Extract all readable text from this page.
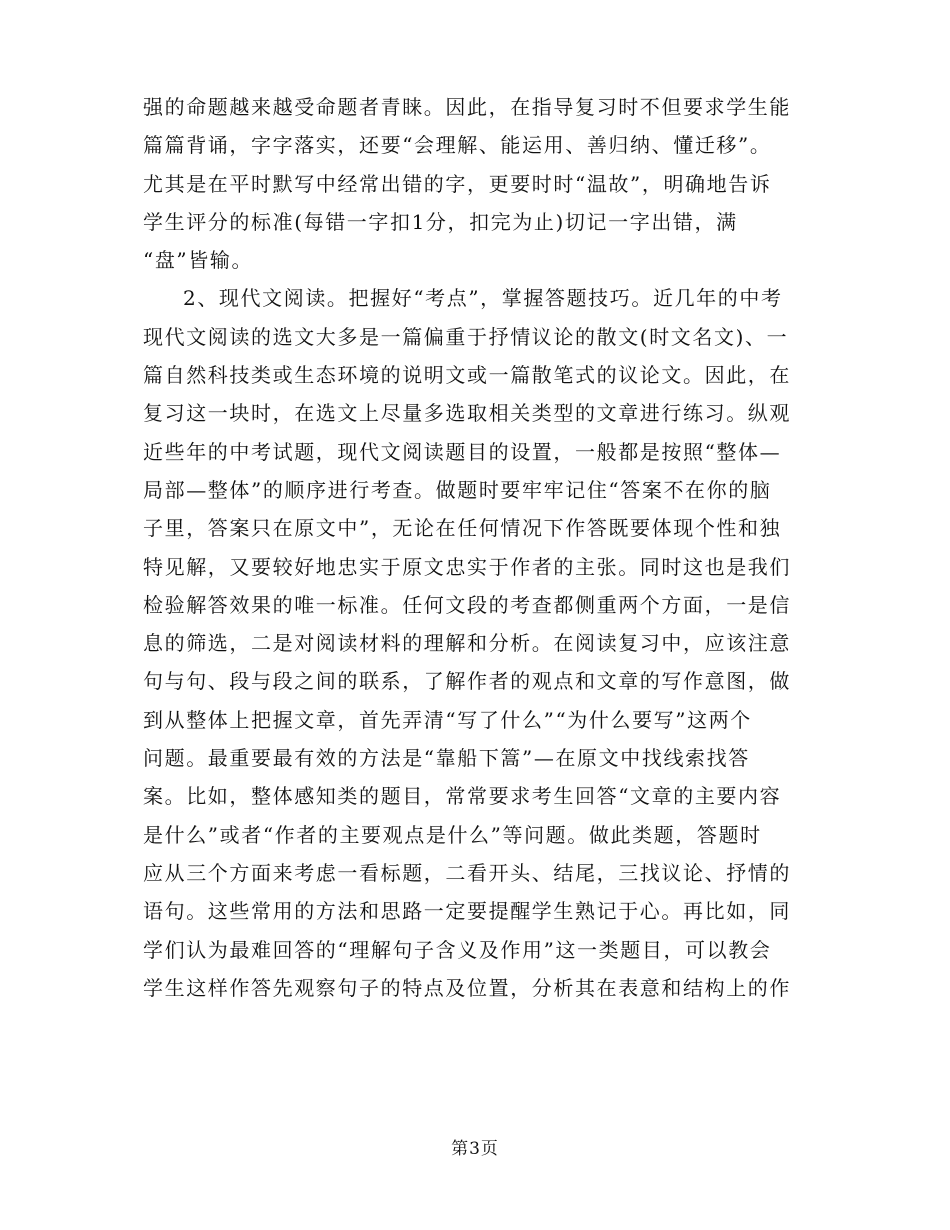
强的命题越来越受命题者青睐。因此，在指导复习时不但要求学生能
篇篇背诵，字字落实，还要“会理解、能运用、善归纳、懂迁移”。
尤其是在平时默写中经常出错的字，更要时时“温故”，明确地告诉
学生评分的标准(每错一字扣1分，扣完为止)切记一字出错，满
“盘”皆输。
2、现代文阅读。把握好“考点”，掌握答题技巧。近几年的中考
现代文阅读的选文大多是一篇偏重于抒情议论的散文(时文名文)、一
篇自然科技类或生态环境的说明文或一篇散笔式的议论文。因此，在
复习这一块时，在选文上尽量多选取相关类型的文章进行练习。纵观
近些年的中考试题，现代文阅读题目的设置，一般都是按照“整体—
局部—整体”的顺序进行考查。做题时要牢牢记住“答案不在你的脑
子里，答案只在原文中”，无论在任何情况下作答既要体现个性和独
特见解，又要较好地忠实于原文忠实于作者的主张。同时这也是我们
检验解答效果的唯一标准。任何文段的考查都侧重两个方面，一是信
息的筛选，二是对阅读材料的理解和分析。在阅读复习中，应该注意
句与句、段与段之间的联系，了解作者的观点和文章的写作意图，做
到从整体上把握文章，首先弄清“写了什么”“为什么要写”这两个
问题。最重要最有效的方法是“靠船下篙”—在原文中找线索找答
案。比如，整体感知类的题目，常常要求考生回答“文章的主要内容
是什么”或者“作者的主要观点是什么”等问题。做此类题，答题时
应从三个方面来考虑一看标题，二看开头、结尾，三找议论、抒情的
语句。这些常用的方法和思路一定要提醒学生熟记于心。再比如，同
学们认为最难回答的“理解句子含义及作用”这一类题目，可以教会
学生这样作答先观察句子的特点及位置，分析其在表意和结构上的作
第3页
